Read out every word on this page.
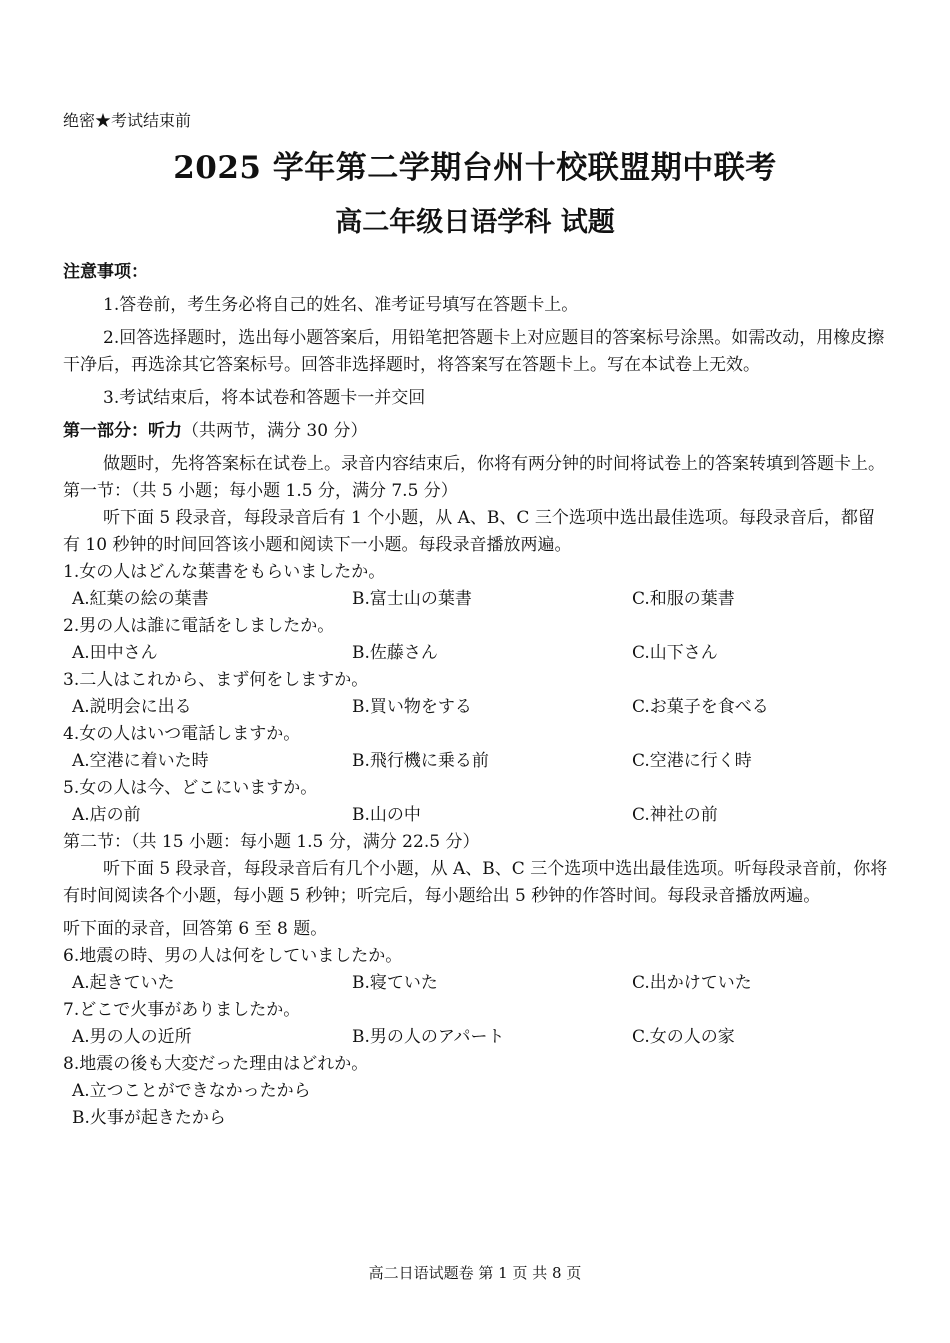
绝密★考试结束前
2025 学年第二学期台州十校联盟期中联考
高二年级日语学科 试题

注意事项：

1.答卷前，考生务必将自己的姓名、准考证号填写在答题卡上。

2.回答选择题时，选出每小题答案后，用铅笔把答题卡上对应题目的答案标号涂黑。如需改动，用橡皮擦干净后，再选涂其它答案标号。回答非选择题时，将答案写在答题卡上。写在本试卷上无效。

3.考试结束后，将本试卷和答题卡一并交回

第一部分：听力（共两节，满分 30 分）

做题时，先将答案标在试卷上。录音内容结束后，你将有两分钟的时间将试卷上的答案转填到答题卡上。

第一节：（共 5 小题；每小题 1.5 分，满分 7.5 分）

听下面 5 段录音，每段录音后有 1 个小题，从 A、B、C 三个选项中选出最佳选项。每段录音后，都留有 10 秒钟的时间回答该小题和阅读下一小题。每段录音播放两遍。

1.女の人はどんな葉書をもらいましたか。

A.紅葉の絵の葉書	B.富士山の葉書	C.和服の葉書

2.男の人は誰に電話をしましたか。

A.田中さん	B.佐藤さん	C.山下さん

3.二人はこれから、まず何をしますか。

A.説明会に出る	B.買い物をする	C.お菓子を食べる

4.女の人はいつ電話しますか。

A.空港に着いた時	B.飛行機に乗る前	C.空港に行く時

5.女の人は今、どこにいますか。

A.店の前	B.山の中	C.神社の前

第二节：（共 15 小题：每小题 1.5 分，满分 22.5 分）

听下面 5 段录音，每段录音后有几个小题，从 A、B、C 三个选项中选出最佳选项。听每段录音前，你将有时间阅读各个小题，每小题 5 秒钟；听完后，每小题给出 5 秒钟的作答时间。每段录音播放两遍。

听下面的录音，回答第 6 至 8 题。

6.地震の時、男の人は何をしていましたか。

A.起きていた	B.寝ていた	C.出かけていた

7.どこで火事がありましたか。

A.男の人の近所	B.男の人のアパート	C.女の人の家

8.地震の後も大変だった理由はどれか。

A.立つことができなかったから

B.火事が起きたから

高二日语试题卷 第 1 页 共 8 页
